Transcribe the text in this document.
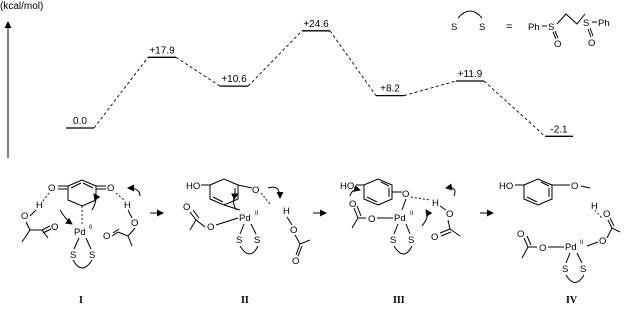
(kcal/mol)
0.0
+17.9
+10.6
+24.6
+8.2
+11.9
-2.1
S S = Ph S
O
S
O
Ph
O	O
H
O
O Pd 0
S S
H
O
O
HO	O
Pd II
O
O
S S
H
O
O
HO
O
Pd II
O
O
S S
H
O
O
HO	O
H
Pd II
O
O
O
O
S S
I	II	III	IV
